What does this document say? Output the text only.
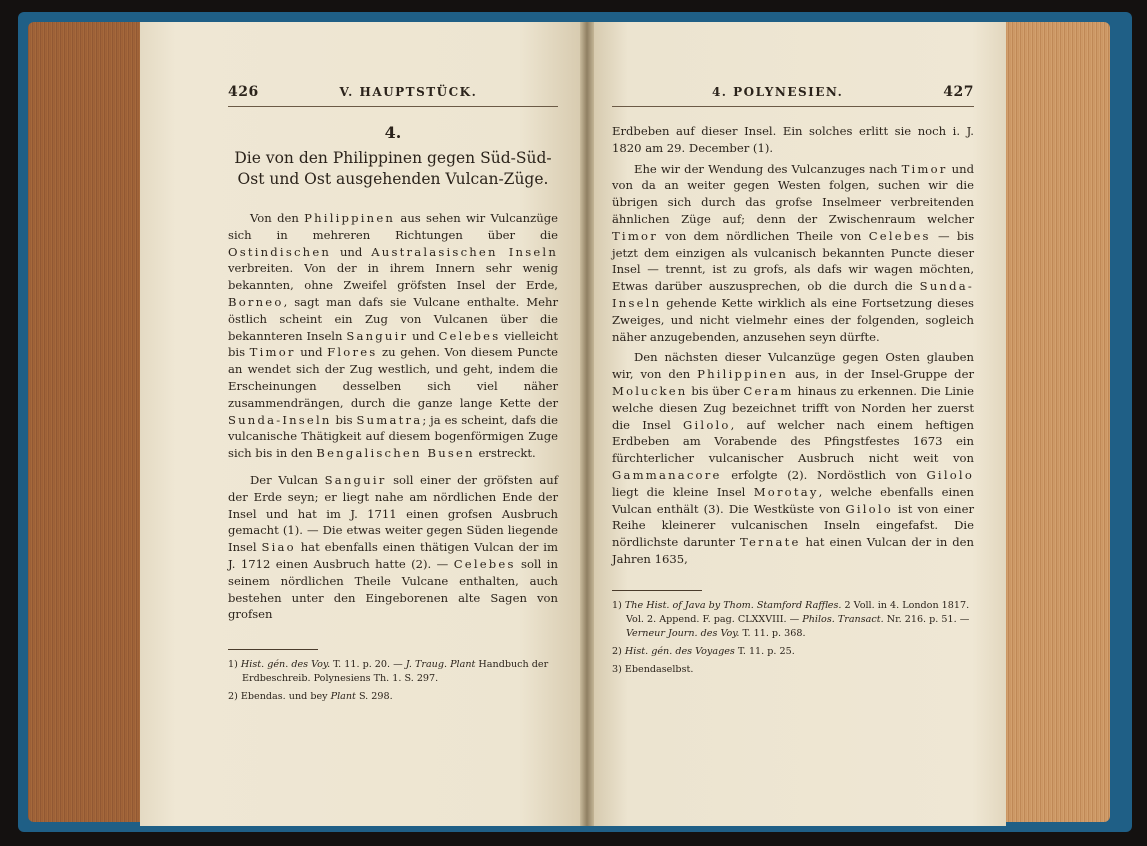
426	V. HAUPTSTÜCK.
4.
Die von den Philippinen gegen Süd-Süd-Ost und Ost ausgehenden Vulcan-Züge.

Von den Philippinen aus sehen wir Vulcanzüge sich in mehreren Richtungen über die Ostindischen und Australasischen Inseln verbreiten. Von der in ihrem Innern sehr wenig bekannten, ohne Zweifel gröfsten Insel der Erde, Borneo, sagt man dafs sie Vulcane enthalte. Mehr östlich scheint ein Zug von Vulcanen über die bekannteren Inseln Sanguir und Celebes vielleicht bis Timor und Flores zu gehen. Von diesem Puncte an wendet sich der Zug westlich, und geht, indem die Erscheinungen desselben sich viel näher zusammendrängen, durch die ganze lange Kette der Sunda-Inseln bis Sumatra; ja es scheint, dafs die vulcanische Thätigkeit auf diesem bogenförmigen Zuge sich bis in den Bengalischen Busen erstreckt.

Der Vulcan Sanguir soll einer der gröfsten auf der Erde seyn; er liegt nahe am nördlichen Ende der Insel und hat im J. 1711 einen grofsen Ausbruch gemacht (1). — Die etwas weiter gegen Süden liegende Insel Siao hat ebenfalls einen thätigen Vulcan der im J. 1712 einen Ausbruch hatte (2). — Celebes soll in seinem nördlichen Theile Vulcane enthalten, auch bestehen unter den Eingeborenen alte Sagen von grofsen

1) Hist. gén. des Voy. T. 11. p. 20. — J. Traug. Plant Handbuch der Erdbeschreib. Polynesiens Th. 1. S. 297.

2) Ebendas. und bey Plant S. 298.

4. POLYNESIEN.	427

Erdbeben auf dieser Insel. Ein solches erlitt sie noch i. J. 1820 am 29. December (1).

Ehe wir der Wendung des Vulcanzuges nach Timor und von da an weiter gegen Westen folgen, suchen wir die übrigen sich durch das grofse Inselmeer verbreitenden ähnlichen Züge auf; denn der Zwischenraum welcher Timor von dem nördlichen Theile von Celebes — bis jetzt dem einzigen als vulcanisch bekannten Puncte dieser Insel — trennt, ist zu grofs, als dafs wir wagen möchten, Etwas darüber auszusprechen, ob die durch die Sunda-Inseln gehende Kette wirklich als eine Fortsetzung dieses Zweiges, und nicht vielmehr eines der folgenden, sogleich näher anzugebenden, anzusehen seyn dürfte.

Den nächsten dieser Vulcanzüge gegen Osten glauben wir, von den Philippinen aus, in der Insel-Gruppe der Molucken bis über Ceram hinaus zu erkennen. Die Linie welche diesen Zug bezeichnet trifft von Norden her zuerst die Insel Gilolo, auf welcher nach einem heftigen Erdbeben am Vorabende des Pfingstfestes 1673 ein fürchterlicher vulcanischer Ausbruch nicht weit von Gammanacore erfolgte (2). Nordöstlich von Gilolo liegt die kleine Insel Morotay, welche ebenfalls einen Vulcan enthält (3). Die Westküste von Gilolo ist von einer Reihe kleinerer vulcanischen Inseln eingefafst. Die nördlichste darunter Ternate hat einen Vulcan der in den Jahren 1635,

1) The Hist. of Java by Thom. Stamford Raffles. 2 Voll. in 4. London 1817. Vol. 2. Append. F. pag. CLXXVIII. — Philos. Transact. Nr. 216. p. 51. — Verneur Journ. des Voy. T. 11. p. 368.

2) Hist. gén. des Voyages T. 11. p. 25.

3) Ebendaselbst.
